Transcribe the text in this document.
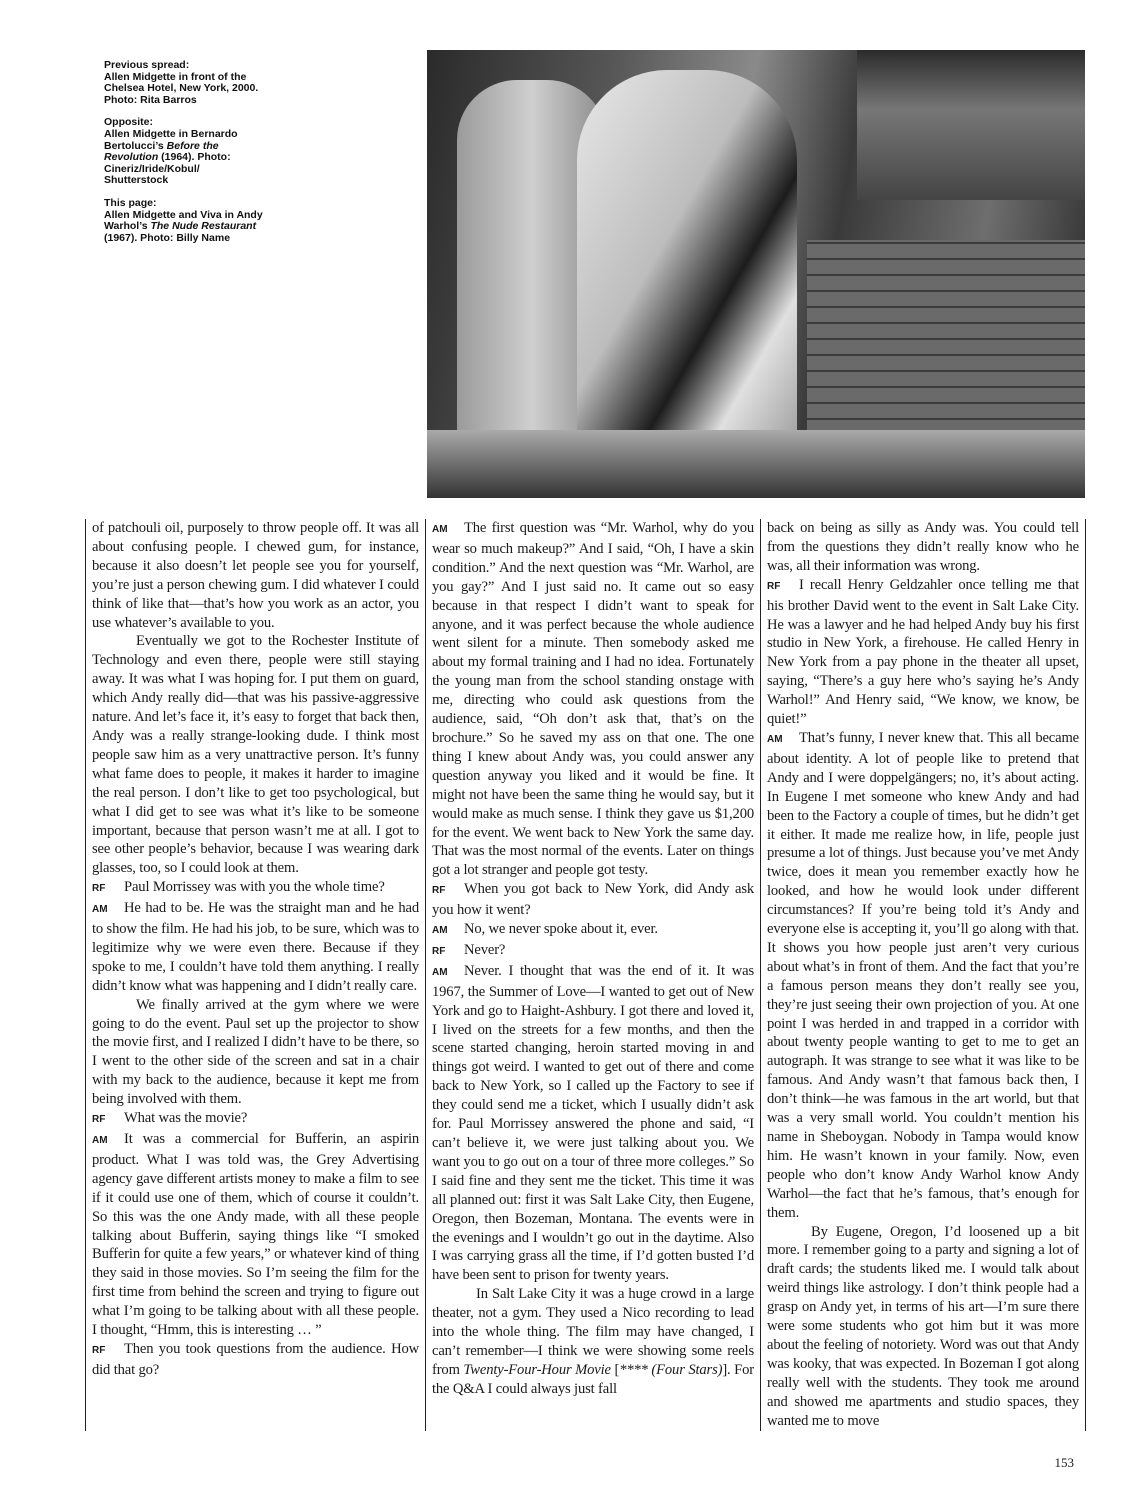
Previous spread:

Allen Midgette in front of the Chelsea Hotel, New York, 2000. Photo: Rita Barros

Opposite:

Allen Midgette in Bernardo Bertolucci’s Before the Revolution (1964). Photo: Cineriz/Iride/Kobul/ Shutterstock

This page:

Allen Midgette and Viva in Andy Warhol’s The Nude Restaurant (1967). Photo: Billy Name

of patchouli oil, purposely to throw people off. It was all about confusing people. I chewed gum, for instance, because it also doesn’t let people see you for yourself, you’re just a person chewing gum. I did whatever I could think of like that—that’s how you work as an actor, you use whatever’s available to you.

Eventually we got to the Rochester Institute of Technology and even there, people were still staying away. It was what I was hoping for. I put them on guard, which Andy really did—that was his passive-aggressive nature. And let’s face it, it’s easy to forget that back then, Andy was a really strange-looking dude. I think most people saw him as a very unattractive person. It’s funny what fame does to people, it makes it harder to imagine the real person. I don’t like to get too psychological, but what I did get to see was what it’s like to be someone important, because that person wasn’t me at all. I got to see other people’s behavior, because I was wearing dark glasses, too, so I could look at them.

RF Paul Morrissey was with you the whole time?

AM He had to be. He was the straight man and he had to show the film. He had his job, to be sure, which was to legitimize why we were even there. Because if they spoke to me, I couldn’t have told them anything. I really didn’t know what was happening and I didn’t really care.

We finally arrived at the gym where we were going to do the event. Paul set up the projector to show the movie first, and I realized I didn’t have to be there, so I went to the other side of the screen and sat in a chair with my back to the audience, because it kept me from being involved with them.

RF What was the movie?

AM It was a commercial for Bufferin, an aspirin product. What I was told was, the Grey Advertising agency gave different artists money to make a film to see if it could use one of them, which of course it couldn’t. So this was the one Andy made, with all these people talking about Bufferin, saying things like “I smoked Bufferin for quite a few years,” or whatever kind of thing they said in those movies. So I’m seeing the film for the first time from behind the screen and trying to figure out what I’m going to be talking about with all these people. I thought, “Hmm, this is interesting … ”

RF Then you took questions from the audience. How did that go?

AM The first question was “Mr. Warhol, why do you wear so much makeup?” And I said, “Oh, I have a skin condition.” And the next question was “Mr. Warhol, are you gay?” And I just said no. It came out so easy because in that respect I didn’t want to speak for anyone, and it was perfect because the whole audience went silent for a minute. Then somebody asked me about my formal training and I had no idea. Fortunately the young man from the school standing onstage with me, directing who could ask questions from the audience, said, “Oh don’t ask that, that’s on the brochure.” So he saved my ass on that one. The one thing I knew about Andy was, you could answer any question anyway you liked and it would be fine. It might not have been the same thing he would say, but it would make as much sense. I think they gave us $1,200 for the event. We went back to New York the same day. That was the most normal of the events. Later on things got a lot stranger and people got testy.

RF When you got back to New York, did Andy ask you how it went?

AM No, we never spoke about it, ever.

RF Never?

AM Never. I thought that was the end of it. It was 1967, the Summer of Love—I wanted to get out of New York and go to Haight-Ashbury. I got there and loved it, I lived on the streets for a few months, and then the scene started changing, heroin started moving in and things got weird. I wanted to get out of there and come back to New York, so I called up the Factory to see if they could send me a ticket, which I usually didn’t ask for. Paul Morrissey answered the phone and said, “I can’t believe it, we were just talking about you. We want you to go out on a tour of three more colleges.” So I said fine and they sent me the ticket. This time it was all planned out: first it was Salt Lake City, then Eugene, Oregon, then Bozeman, Montana. The events were in the evenings and I wouldn’t go out in the daytime. Also I was carrying grass all the time, if I’d gotten busted I’d have been sent to prison for twenty years.

In Salt Lake City it was a huge crowd in a large theater, not a gym. They used a Nico recording to lead into the whole thing. The film may have changed, I can’t remember—I think we were showing some reels from Twenty-Four-Hour Movie [**** (Four Stars)]. For the Q&A I could always just fall

back on being as silly as Andy was. You could tell from the questions they didn’t really know who he was, all their information was wrong.

RF I recall Henry Geldzahler once telling me that his brother David went to the event in Salt Lake City. He was a lawyer and he had helped Andy buy his first studio in New York, a firehouse. He called Henry in New York from a pay phone in the theater all upset, saying, “There’s a guy here who’s saying he’s Andy Warhol!” And Henry said, “We know, we know, be quiet!”

AM That’s funny, I never knew that. This all became about identity. A lot of people like to pretend that Andy and I were doppelgängers; no, it’s about acting. In Eugene I met someone who knew Andy and had been to the Factory a couple of times, but he didn’t get it either. It made me realize how, in life, people just presume a lot of things. Just because you’ve met Andy twice, does it mean you remember exactly how he looked, and how he would look under different circumstances? If you’re being told it’s Andy and everyone else is accepting it, you’ll go along with that. It shows you how people just aren’t very curious about what’s in front of them. And the fact that you’re a famous person means they don’t really see you, they’re just seeing their own projection of you. At one point I was herded in and trapped in a corridor with about twenty people wanting to get to me to get an autograph. It was strange to see what it was like to be famous. And Andy wasn’t that famous back then, I don’t think—he was famous in the art world, but that was a very small world. You couldn’t mention his name in Sheboygan. Nobody in Tampa would know him. He wasn’t known in your family. Now, even people who don’t know Andy Warhol know Andy Warhol—the fact that he’s famous, that’s enough for them.

By Eugene, Oregon, I’d loosened up a bit more. I remember going to a party and signing a lot of draft cards; the students liked me. I would talk about weird things like astrology. I don’t think people had a grasp on Andy yet, in terms of his art—I’m sure there were some students who got him but it was more about the feeling of notoriety. Word was out that Andy was kooky, that was expected. In Bozeman I got along really well with the students. They took me around and showed me apartments and studio spaces, they wanted me to move

153
